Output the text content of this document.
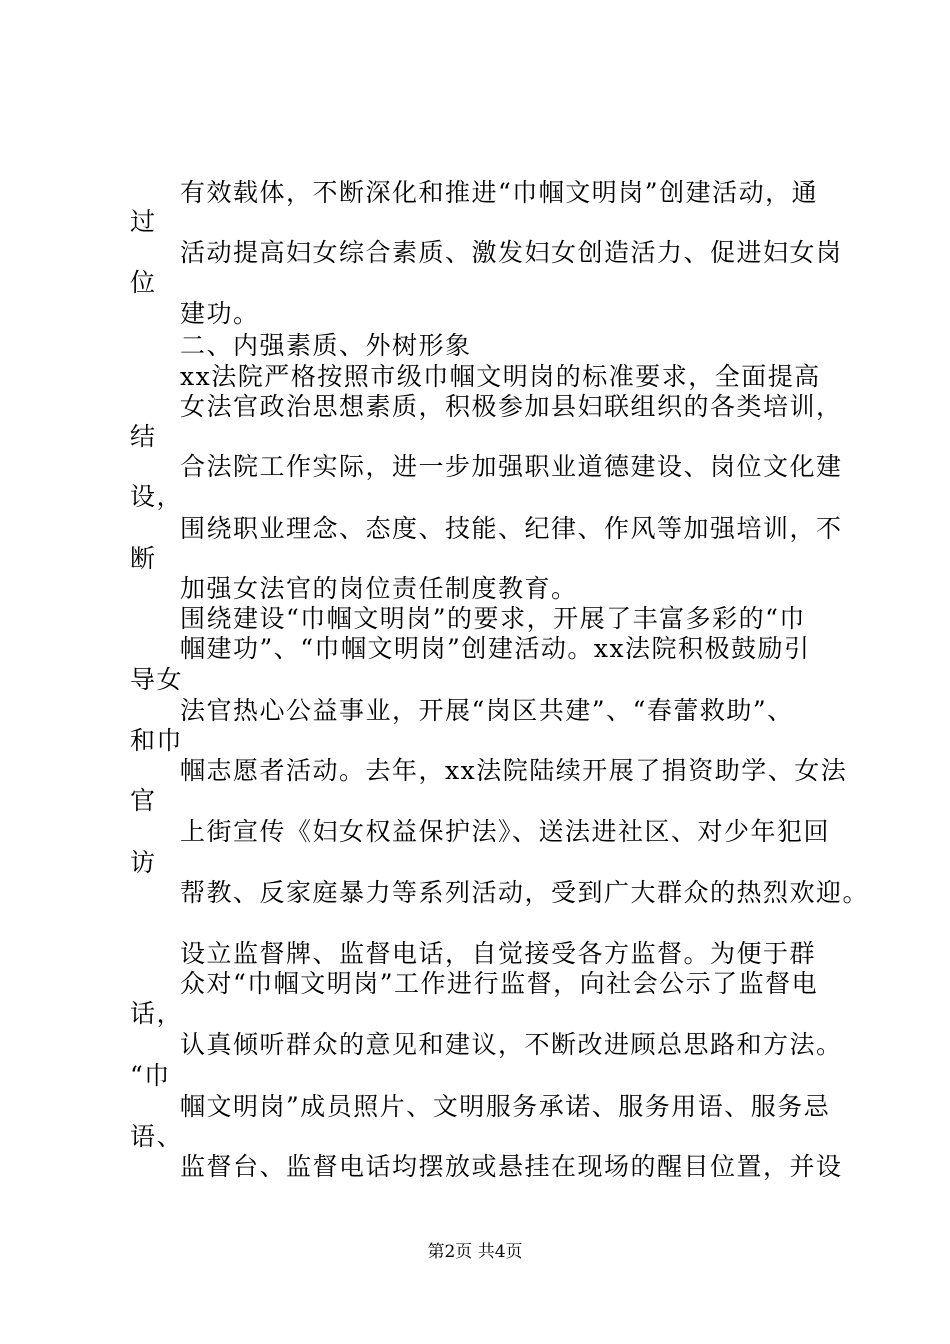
有效载体，不断深化和推进“巾帼文明岗”创建活动，通
过
活动提高妇女综合素质、激发妇女创造活力、促进妇女岗
位
建功。
二、内强素质、外树形象
xx法院严格按照市级巾帼文明岗的标准要求，全面提高
女法官政治思想素质，积极参加县妇联组织的各类培训，
结
合法院工作实际，进一步加强职业道德建设、岗位文化建
设，
围绕职业理念、态度、技能、纪律、作风等加强培训，不
断
加强女法官的岗位责任制度教育。
围绕建设“巾帼文明岗”的要求，开展了丰富多彩的“巾
帼建功”、“巾帼文明岗”创建活动。xx法院积极鼓励引
导女
法官热心公益事业，开展“岗区共建”、“春蕾救助”、
和巾
帼志愿者活动。去年，xx法院陆续开展了捐资助学、女法
官
上街宣传《妇女权益保护法》、送法进社区、对少年犯回
访
帮教、反家庭暴力等系列活动，受到广大群众的热烈欢迎。
设立监督牌、监督电话，自觉接受各方监督。为便于群
众对“巾帼文明岗”工作进行监督，向社会公示了监督电
话，
认真倾听群众的意见和建议，不断改进顾总思路和方法。
“巾
帼文明岗”成员照片、文明服务承诺、服务用语、服务忌
语、
监督台、监督电话均摆放或悬挂在现场的醒目位置，并设
第2页 共4页
